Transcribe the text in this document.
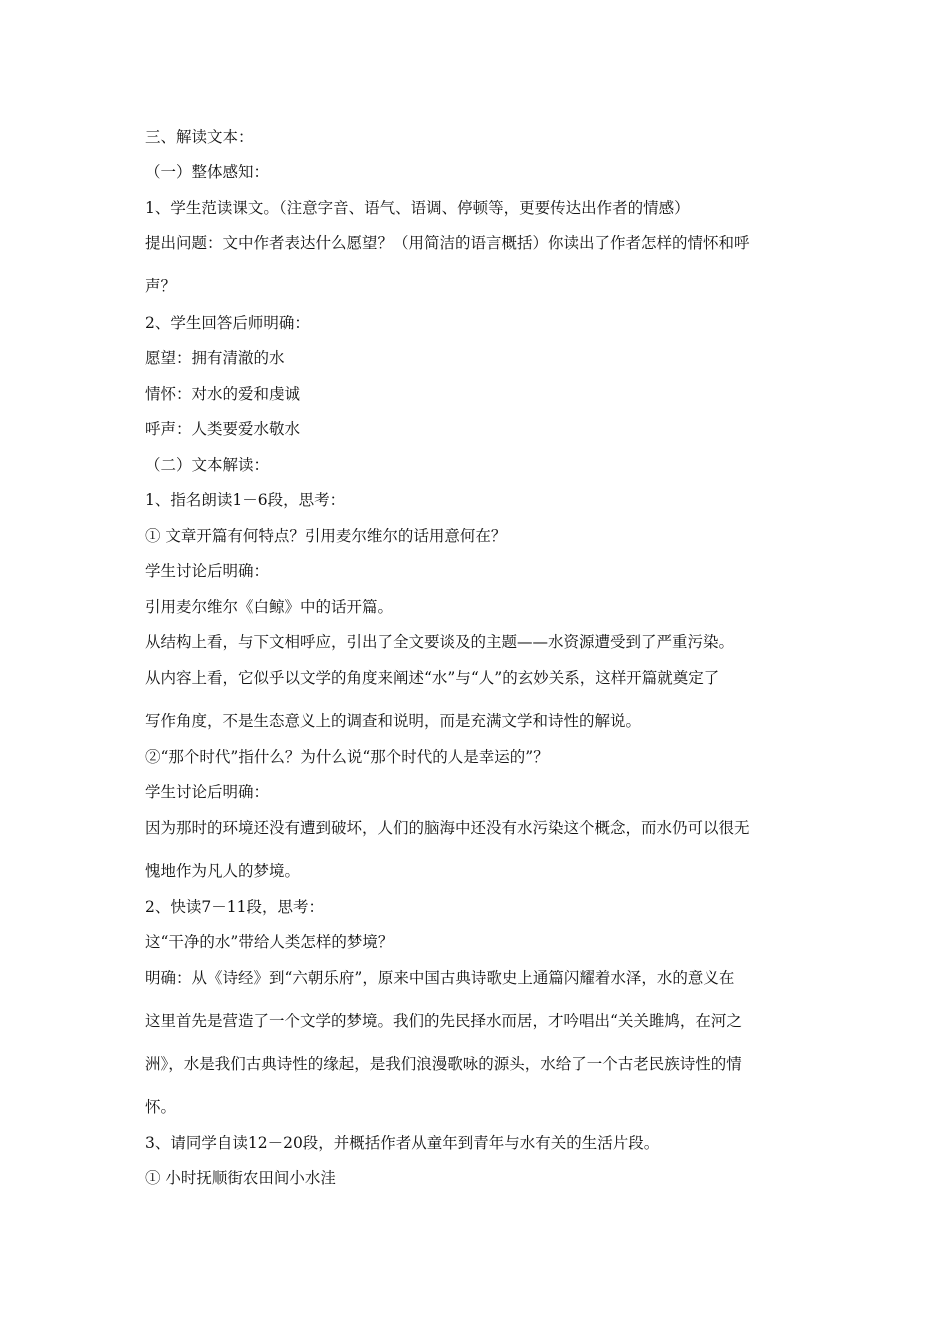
三、解读文本：
（一）整体感知：
1、学生范读课文。（注意字音、语气、语调、停顿等，更要传达出作者的情感）
提出问题：文中作者表达什么愿望？（用简洁的语言概括）你读出了作者怎样的情怀和呼
声？
2、学生回答后师明确：
愿望：拥有清澈的水
情怀：对水的爱和虔诚
呼声：人类要爱水敬水
（二）文本解读：
1、指名朗读1－6段，思考：
① 文章开篇有何特点？引用麦尔维尔的话用意何在？
学生讨论后明确：
引用麦尔维尔《白鲸》中的话开篇。
从结构上看，与下文相呼应，引出了全文要谈及的主题——水资源遭受到了严重污染。
从内容上看，它似乎以文学的角度来阐述“水”与“人”的玄妙关系，这样开篇就奠定了
写作角度，不是生态意义上的调查和说明，而是充满文学和诗性的解说。
②“那个时代”指什么？为什么说“那个时代的人是幸运的”？
学生讨论后明确：
因为那时的环境还没有遭到破坏，人们的脑海中还没有水污染这个概念，而水仍可以很无
愧地作为凡人的梦境。
2、快读7－11段，思考：
这“干净的水”带给人类怎样的梦境？
明确：从《诗经》到“六朝乐府”，原来中国古典诗歌史上通篇闪耀着水泽，水的意义在
这里首先是营造了一个文学的梦境。我们的先民择水而居，才吟唱出“关关雎鸠，在河之
洲》，水是我们古典诗性的缘起，是我们浪漫歌咏的源头，水给了一个古老民族诗性的情
怀。
3、请同学自读12－20段，并概括作者从童年到青年与水有关的生活片段。
① 小时抚顺街农田间小水洼
